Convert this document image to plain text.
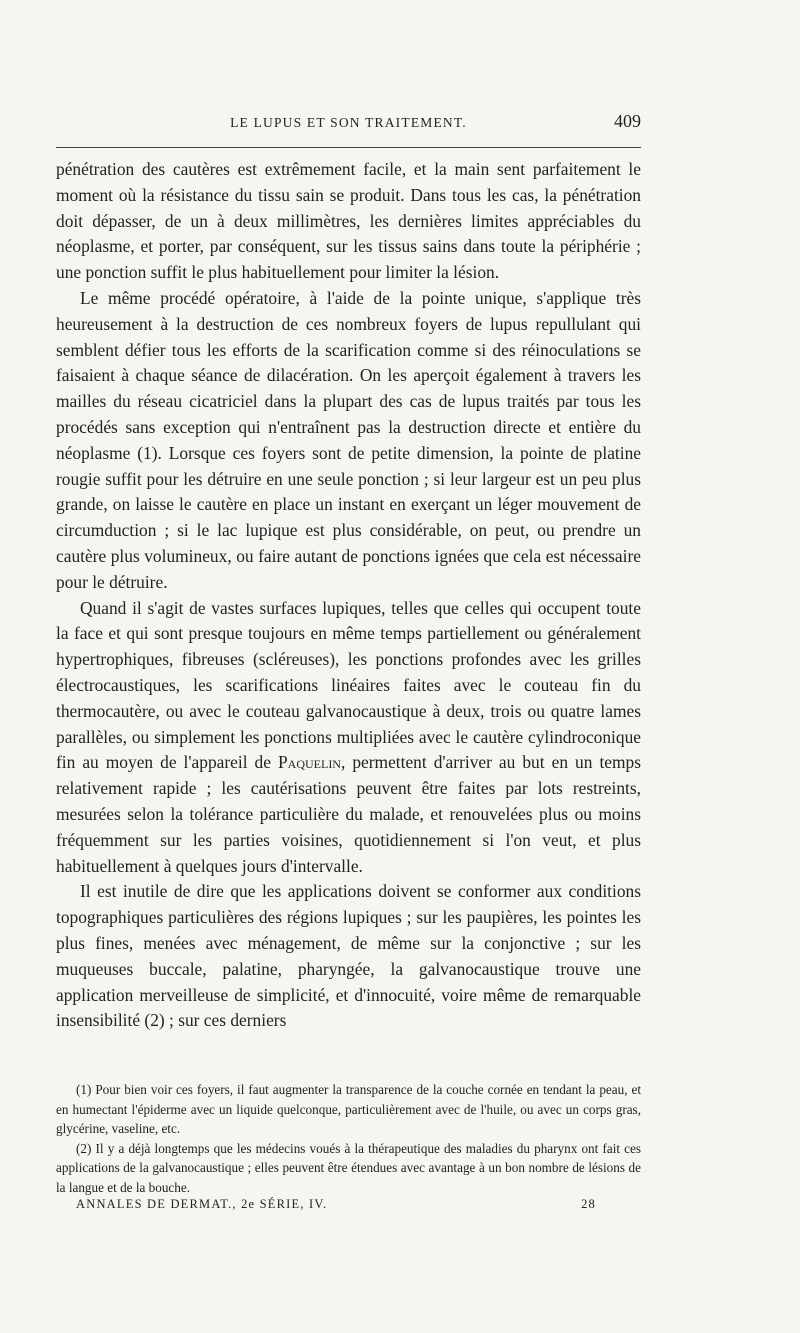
LE LUPUS ET SON TRAITEMENT.	409

pénétration des cautères est extrêmement facile, et la main sent parfaitement le moment où la résistance du tissu sain se produit. Dans tous les cas, la pénétration doit dépasser, de un à deux millimètres, les dernières limites appréciables du néoplasme, et porter, par conséquent, sur les tissus sains dans toute la périphérie ; une ponction suffit le plus habituellement pour limiter la lésion.

Le même procédé opératoire, à l'aide de la pointe unique, s'applique très heureusement à la destruction de ces nombreux foyers de lupus repullulant qui semblent défier tous les efforts de la scarification comme si des réinoculations se faisaient à chaque séance de dilacération. On les aperçoit également à travers les mailles du réseau cicatriciel dans la plupart des cas de lupus traités par tous les procédés sans exception qui n'entraînent pas la destruction directe et entière du néoplasme (1). Lorsque ces foyers sont de petite dimension, la pointe de platine rougie suffit pour les détruire en une seule ponction ; si leur largeur est un peu plus grande, on laisse le cautère en place un instant en exerçant un léger mouvement de circumduction ; si le lac lupique est plus considérable, on peut, ou prendre un cautère plus volumineux, ou faire autant de ponctions ignées que cela est nécessaire pour le détruire.

Quand il s'agit de vastes surfaces lupiques, telles que celles qui occupent toute la face et qui sont presque toujours en même temps partiellement ou généralement hypertrophiques, fibreuses (scléreuses), les ponctions profondes avec les grilles électrocaustiques, les scarifications linéaires faites avec le couteau fin du thermocautère, ou avec le couteau galvanocaustique à deux, trois ou quatre lames parallèles, ou simplement les ponctions multipliées avec le cautère cylindroconique fin au moyen de l'appareil de Paquelin, permettent d'arriver au but en un temps relativement rapide ; les cautérisations peuvent être faites par lots restreints, mesurées selon la tolérance particulière du malade, et renouvelées plus ou moins fréquemment sur les parties voisines, quotidiennement si l'on veut, et plus habituellement à quelques jours d'intervalle.

Il est inutile de dire que les applications doivent se conformer aux conditions topographiques particulières des régions lupiques ; sur les paupières, les pointes les plus fines, menées avec ménagement, de même sur la conjonctive ; sur les muqueuses buccale, palatine, pharyngée, la galvanocaustique trouve une application merveilleuse de simplicité, et d'innocuité, voire même de remarquable insensibilité (2) ; sur ces derniers

(1) Pour bien voir ces foyers, il faut augmenter la transparence de la couche cornée en tendant la peau, et en humectant l'épiderme avec un liquide quelconque, particulièrement avec de l'huile, ou avec un corps gras, glycérine, vaseline, etc.

(2) Il y a déjà longtemps que les médecins voués à la thérapeutique des maladies du pharynx ont fait ces applications de la galvanocaustique ; elles peuvent être étendues avec avantage à un bon nombre de lésions de la langue et de la bouche.

ANNALES DE DERMAT., 2e SÉRIE, IV.	28
